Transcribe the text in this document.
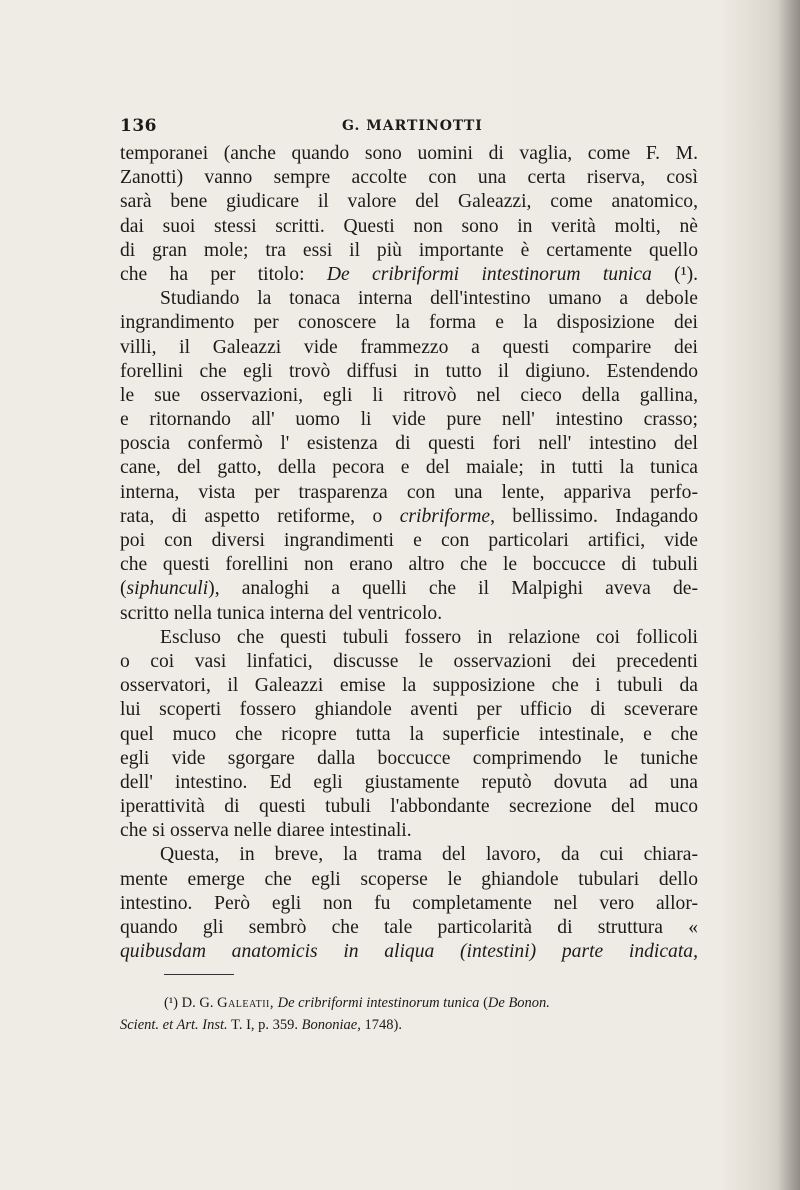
136	G. MARTINOTTI
temporanei (anche quando sono uomini di vaglia, come F. M.
Zanotti) vanno sempre accolte con una certa riserva, così
sarà bene giudicare il valore del Galeazzi, come anatomico,
dai suoi stessi scritti. Questi non sono in verità molti, nè
di gran mole; tra essi il più importante è certamente quello
che ha per titolo: De cribriformi intestinorum tunica (¹).
Studiando la tonaca interna dell'intestino umano a debole
ingrandimento per conoscere la forma e la disposizione dei
villi, il Galeazzi vide frammezzo a questi comparire dei
forellini che egli trovò diffusi in tutto il digiuno. Estendendo
le sue osservazioni, egli li ritrovò nel cieco della gallina,
e ritornando all' uomo li vide pure nell' intestino crasso;
poscia confermò l' esistenza di questi fori nell' intestino del
cane, del gatto, della pecora e del maiale; in tutti la tunica
interna, vista per trasparenza con una lente, appariva perfo-
rata, di aspetto retiforme, o cribriforme, bellissimo. Indagando
poi con diversi ingrandimenti e con particolari artifici, vide
che questi forellini non erano altro che le boccucce di tubuli
(siphunculi), analoghi a quelli che il Malpighi aveva de-
scritto nella tunica interna del ventricolo.
Escluso che questi tubuli fossero in relazione coi follicoli
o coi vasi linfatici, discusse le osservazioni dei precedenti
osservatori, il Galeazzi emise la supposizione che i tubuli da
lui scoperti fossero ghiandole aventi per ufficio di sceverare
quel muco che ricopre tutta la superficie intestinale, e che
egli vide sgorgare dalla boccucce comprimendo le tuniche
dell' intestino. Ed egli giustamente reputò dovuta ad una
iperattività di questi tubuli l'abbondante secrezione del muco
che si osserva nelle diaree intestinali.
Questa, in breve, la trama del lavoro, da cui chiara-
mente emerge che egli scoperse le ghiandole tubulari dello
intestino. Però egli non fu completamente nel vero allor-
quando gli sembrò che tale particolarità di struttura «
quibusdam anatomicis in aliqua (intestini) parte indicata,
(¹) D. G. Galeatii, De cribriformi intestinorum tunica (De Bonon.
Scient. et Art. Inst. T. I, p. 359. Bononiae, 1748).
